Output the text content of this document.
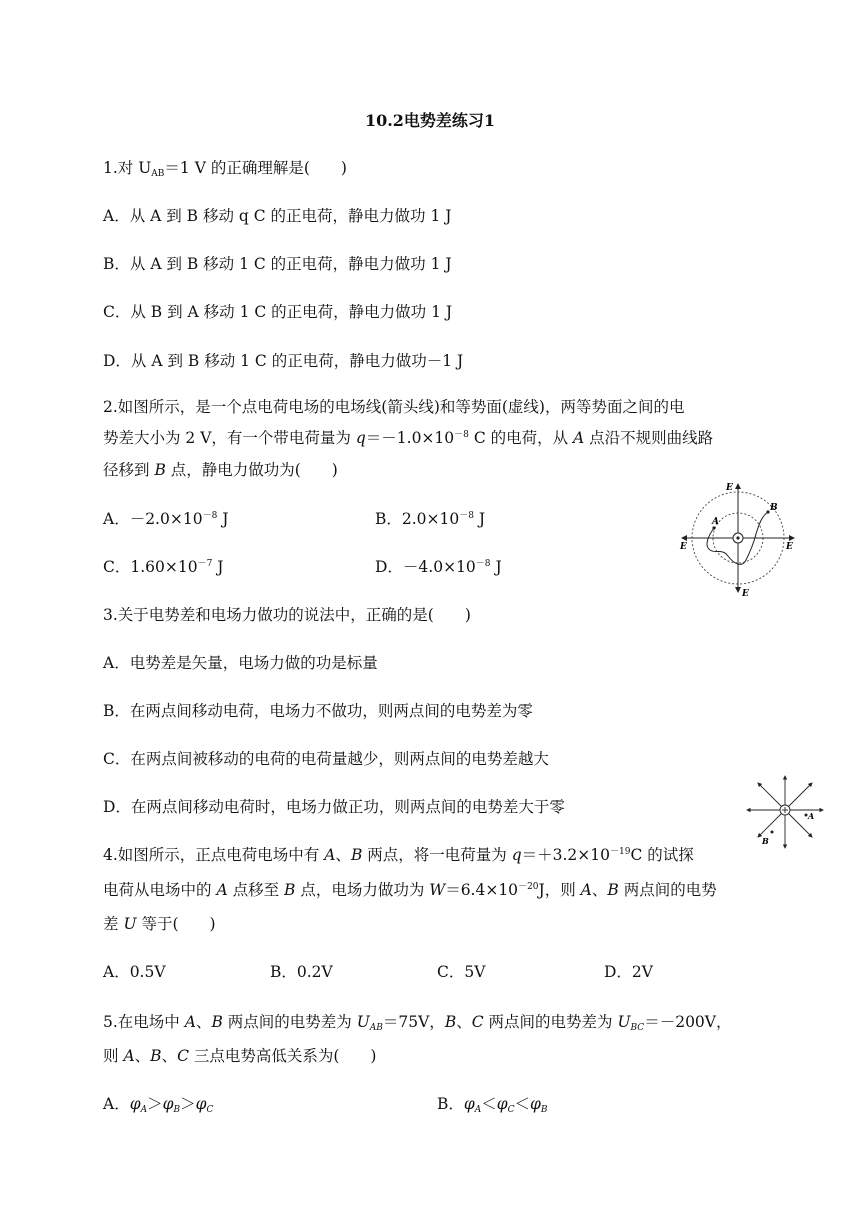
10.2电势差练习1
1.对 $U_{AB}=1$ V 的正确理解是(　　)
A．从 A 到 B 移动 q C 的正电荷，静电力做功 1 J
B．从 A 到 B 移动 1 C 的正电荷，静电力做功 1 J
C．从 B 到 A 移动 1 C 的正电荷，静电力做功 1 J
D．从 A 到 B 移动 1 C 的正电荷，静电力做功－1 J
2.如图所示，是一个点电荷电场的电场线(箭头线)和等势面(虚线)，两等势面之间的电
势差大小为 2 V，有一个带电荷量为 $q=-1.0\times 10^{-8}$ C 的电荷，从 A 点沿不规则曲线路
径移到 B 点，静电力做功为(　　)
A．$-2.0\times 10^{-8}$ J	B．$2.0\times 10^{-8}$ J
C．$1.60\times 10^{-7}$ J	D．$-4.0\times 10^{-8}$ J
E
E
E	E
A
B
3.关于电势差和电场力做功的说法中，正确的是(　　)
A．电势差是矢量，电场力做的功是标量
B．在两点间移动电荷，电场力不做功，则两点间的电势差为零
C．在两点间被移动的电荷的电荷量越少，则两点间的电势差越大
D．在两点间移动电荷时，电场力做正功，则两点间的电势差大于零	A
B
4.如图所示，正点电荷电场中有 A、B 两点，将一电荷量为 $q=+3.2\times 10^{-19}C$ 的试探
电荷从电场中的 A 点移至 B 点，电场力做功为 $W=6.4\times 10^{-20}J$，则 A、B 两点间的电势
差 U 等于(　　)
A．0.5V	B．0.2V	C．5V	D．2V
5.在电场中 A、B 两点间的电势差为 $U_{AB}=75V$，B、C 两点间的电势差为 $U_{BC}=-200V$，
则 A、B、C 三点电势高低关系为(　　)
A．$\varphi_A>\varphi_B>\varphi_C$	B．$\varphi_A<\varphi_C<\varphi_B$
